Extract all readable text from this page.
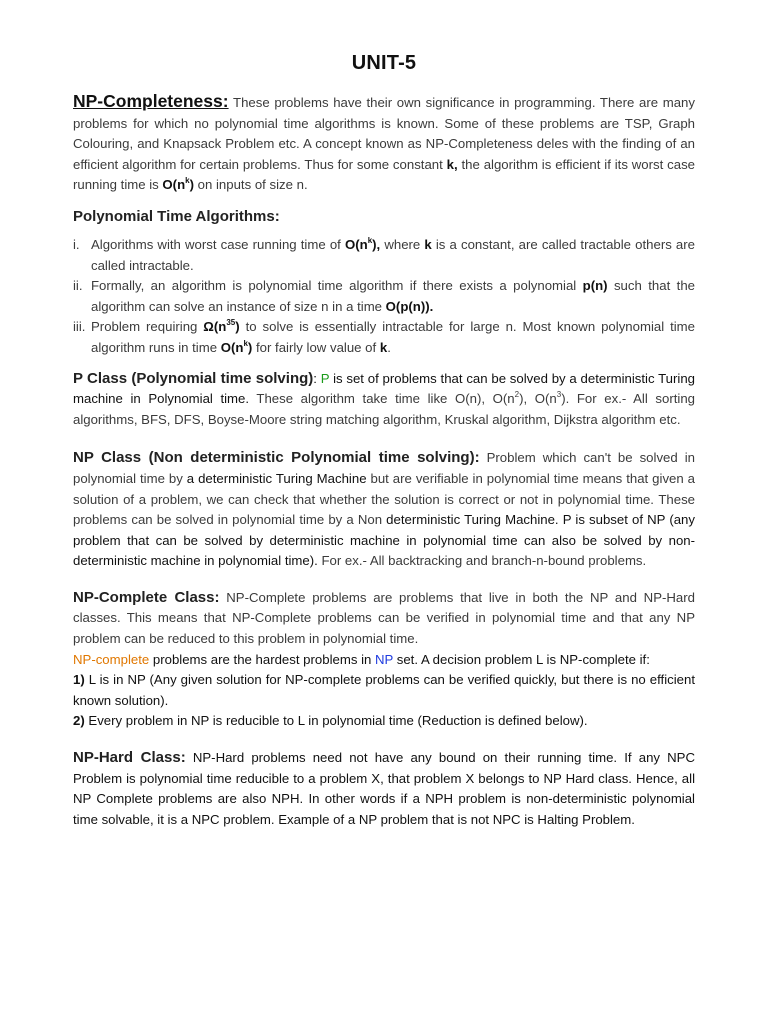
UNIT-5

NP-Completeness: These problems have their own significance in programming. There are many problems for which no polynomial time algorithms is known. Some of these problems are TSP, Graph Colouring, and Knapsack Problem etc. A concept known as NP-Completeness deles with the finding of an efficient algorithm for certain problems. Thus for some constant k, the algorithm is efficient if its worst case running time is $O(n^k)$ on inputs of size n.

Polynomial Time Algorithms:
i. Algorithms with worst case running time of $O(n^k)$, where k is a constant, are called tractable others are called intractable.
ii. Formally, an algorithm is polynomial time algorithm if there exists a polynomial p(n) such that the algorithm can solve an instance of size n in a time O(p(n)).
iii. Problem requiring $\Omega(n^{35})$ to solve is essentially intractable for large n. Most known polynomial time algorithm runs in time $O(n^k)$ for fairly low value of k.

P Class (Polynomial time solving): P is set of problems that can be solved by a deterministic Turing machine in Polynomial time. These algorithm take time like O(n), $O(n^2)$, $O(n^3)$. For ex.- All sorting algorithms, BFS, DFS, Boyse-Moore string matching algorithm, Kruskal algorithm, Dijkstra algorithm etc.

NP Class (Non deterministic Polynomial time solving): Problem which can't be solved in polynomial time by a deterministic Turing Machine but are verifiable in polynomial time means that given a solution of a problem, we can check that whether the solution is correct or not in polynomial time. These problems can be solved in polynomial time by a Non deterministic Turing Machine. P is subset of NP (any problem that can be solved by deterministic machine in polynomial time can also be solved by non-deterministic machine in polynomial time). For ex.- All backtracking and branch-n-bound problems.

NP-Complete Class: NP-Complete problems are problems that live in both the NP and NP-Hard classes. This means that NP-Complete problems can be verified in polynomial time and that any NP problem can be reduced to this problem in polynomial time.

NP-complete problems are the hardest problems in NP set. A decision problem L is NP-complete if:

1) L is in NP (Any given solution for NP-complete problems can be verified quickly, but there is no efficient known solution).

2) Every problem in NP is reducible to L in polynomial time (Reduction is defined below).

NP-Hard Class: NP-Hard problems need not have any bound on their running time. If any NPC Problem is polynomial time reducible to a problem X, that problem X belongs to NP Hard class. Hence, all NP Complete problems are also NPH. In other words if a NPH problem is non-deterministic polynomial time solvable, it is a NPC problem. Example of a NP problem that is not NPC is Halting Problem.
